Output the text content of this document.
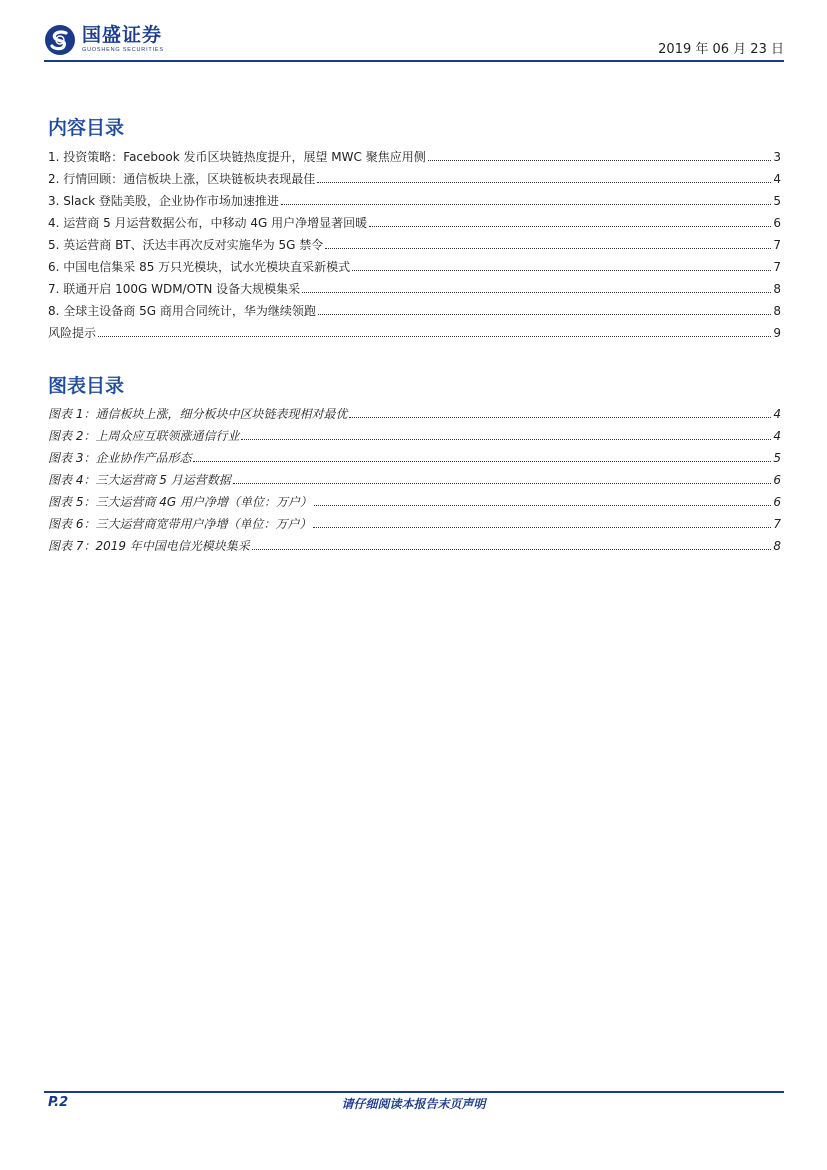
国盛证券
GUOSHENG SECURITIES	2019 年 06 月 23 日
内容目录
1. 投资策略：Facebook 发币区块链热度提升，展望 MWC 聚焦应用侧	3
2. 行情回顾：通信板块上涨，区块链板块表现最佳	4
3. Slack 登陆美股，企业协作市场加速推进	5
4. 运营商 5 月运营数据公布，中移动 4G 用户净增显著回暖	6
5. 英运营商 BT、沃达丰再次反对实施华为 5G 禁令	7
6. 中国电信集采 85 万只光模块，试水光模块直采新模式	7
7. 联通开启 100G WDM/OTN 设备大规模集采	8
8. 全球主设备商 5G 商用合同统计，华为继续领跑	8
风险提示	9
图表目录
图表 1：通信板块上涨，细分板块中区块链表现相对最优	4
图表 2：上周众应互联领涨通信行业	4
图表 3：企业协作产品形态	5
图表 4：三大运营商 5 月运营数据	6
图表 5：三大运营商 4G 用户净增（单位：万户）	6
图表 6：三大运营商宽带用户净增（单位：万户）	7
图表 7：2019 年中国电信光模块集采	8
请仔细阅读本报告末页声明
P.2
